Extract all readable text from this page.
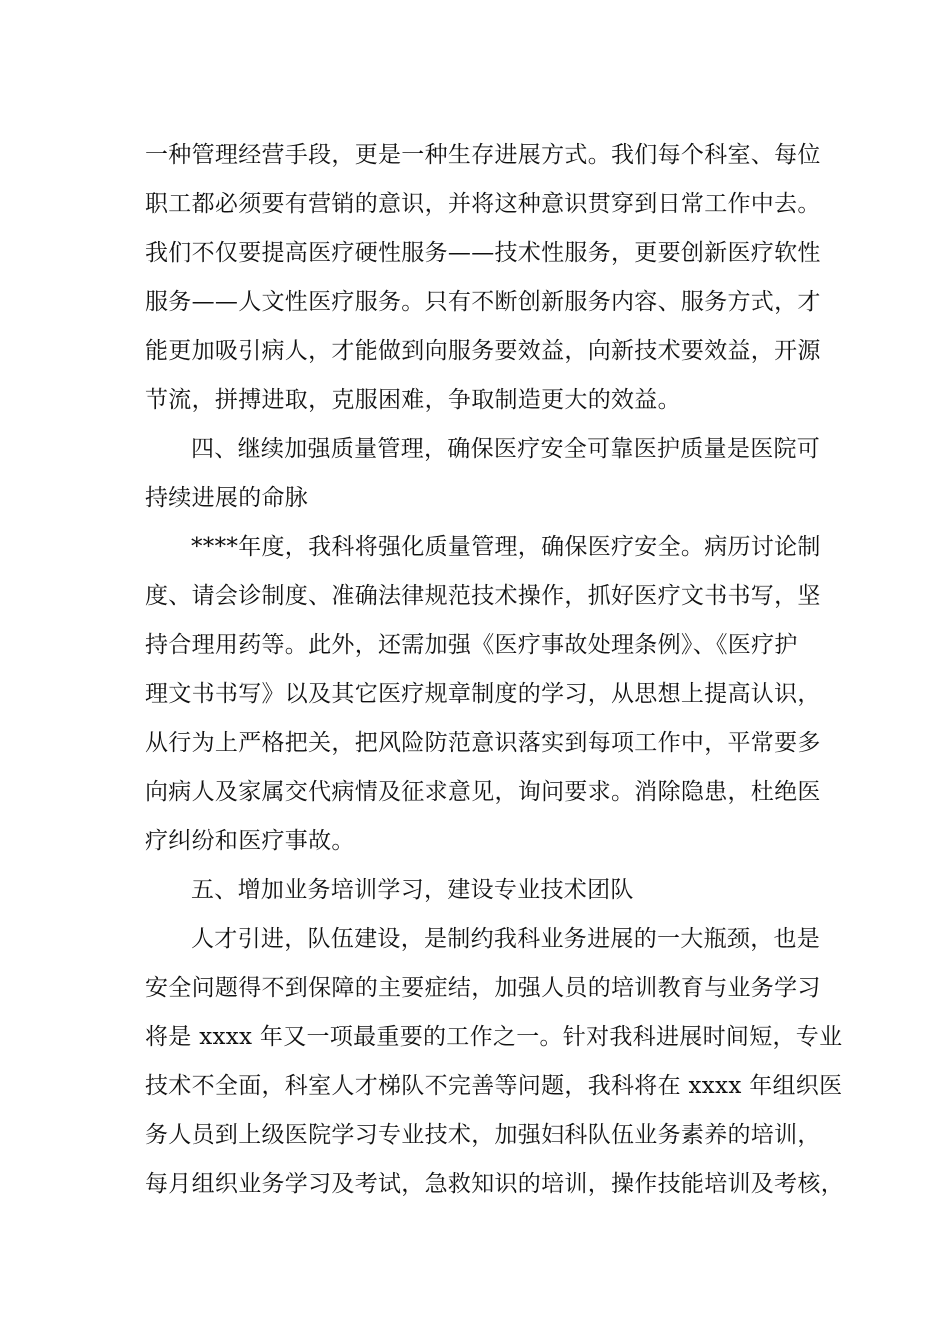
一种管理经营手段，更是一种生存进展方式。我们每个科室、每位
职工都必须要有营销的意识，并将这种意识贯穿到日常工作中去。
我们不仅要提高医疗硬性服务——技术性服务，更要创新医疗软性
服务——人文性医疗服务。只有不断创新服务内容、服务方式，才
能更加吸引病人，才能做到向服务要效益，向新技术要效益，开源
节流，拼搏进取，克服困难，争取制造更大的效益。
四、继续加强质量管理，确保医疗安全可靠医护质量是医院可
持续进展的命脉
****年度，我科将强化质量管理，确保医疗安全。病历讨论制
度、请会诊制度、准确法律规范技术操作，抓好医疗文书书写，坚
持合理用药等。此外，还需加强《医疗事故处理条例》、《医疗护
理文书书写》以及其它医疗规章制度的学习，从思想上提高认识，
从行为上严格把关，把风险防范意识落实到每项工作中，平常要多
向病人及家属交代病情及征求意见，询问要求。消除隐患，杜绝医
疗纠纷和医疗事故。
五、增加业务培训学习，建设专业技术团队
人才引进，队伍建设，是制约我科业务进展的一大瓶颈，也是
安全问题得不到保障的主要症结，加强人员的培训教育与业务学习
将是 xxxx 年又一项最重要的工作之一。针对我科进展时间短，专业
技术不全面，科室人才梯队不完善等问题，我科将在 xxxx 年组织医
务人员到上级医院学习专业技术，加强妇科队伍业务素养的培训，
每月组织业务学习及考试，急救知识的培训，操作技能培训及考核，
